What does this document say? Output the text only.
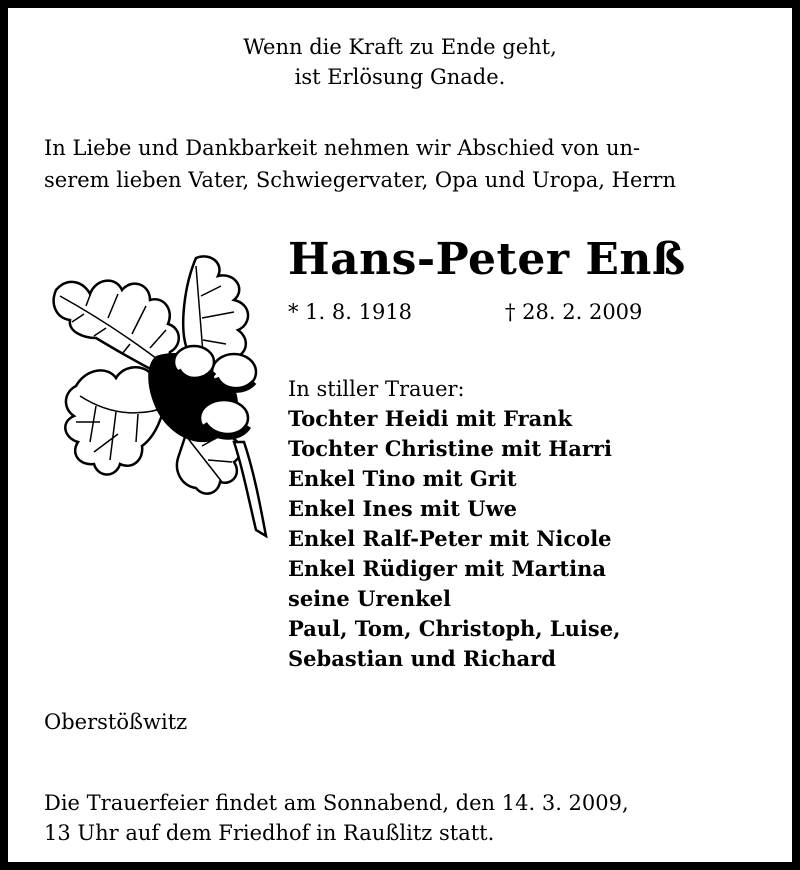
Wenn die Kraft zu Ende geht,
ist Erlösung Gnade.
In Liebe und Dankbarkeit nehmen wir Abschied von un-
serem lieben Vater, Schwiegervater, Opa und Uropa, Herrn
Hans-Peter Enß
* 1. 8. 1918	† 28. 2. 2009
In stiller Trauer:
Tochter Heidi mit Frank
Tochter Christine mit Harri
Enkel Tino mit Grit
Enkel Ines mit Uwe
Enkel Ralf-Peter mit Nicole
Enkel Rüdiger mit Martina
seine Urenkel
Paul, Tom, Christoph, Luise,
Sebastian und Richard
Oberstößwitz
Die Trauerfeier findet am Sonnabend, den 14. 3. 2009,
13 Uhr auf dem Friedhof in Raußlitz statt.
